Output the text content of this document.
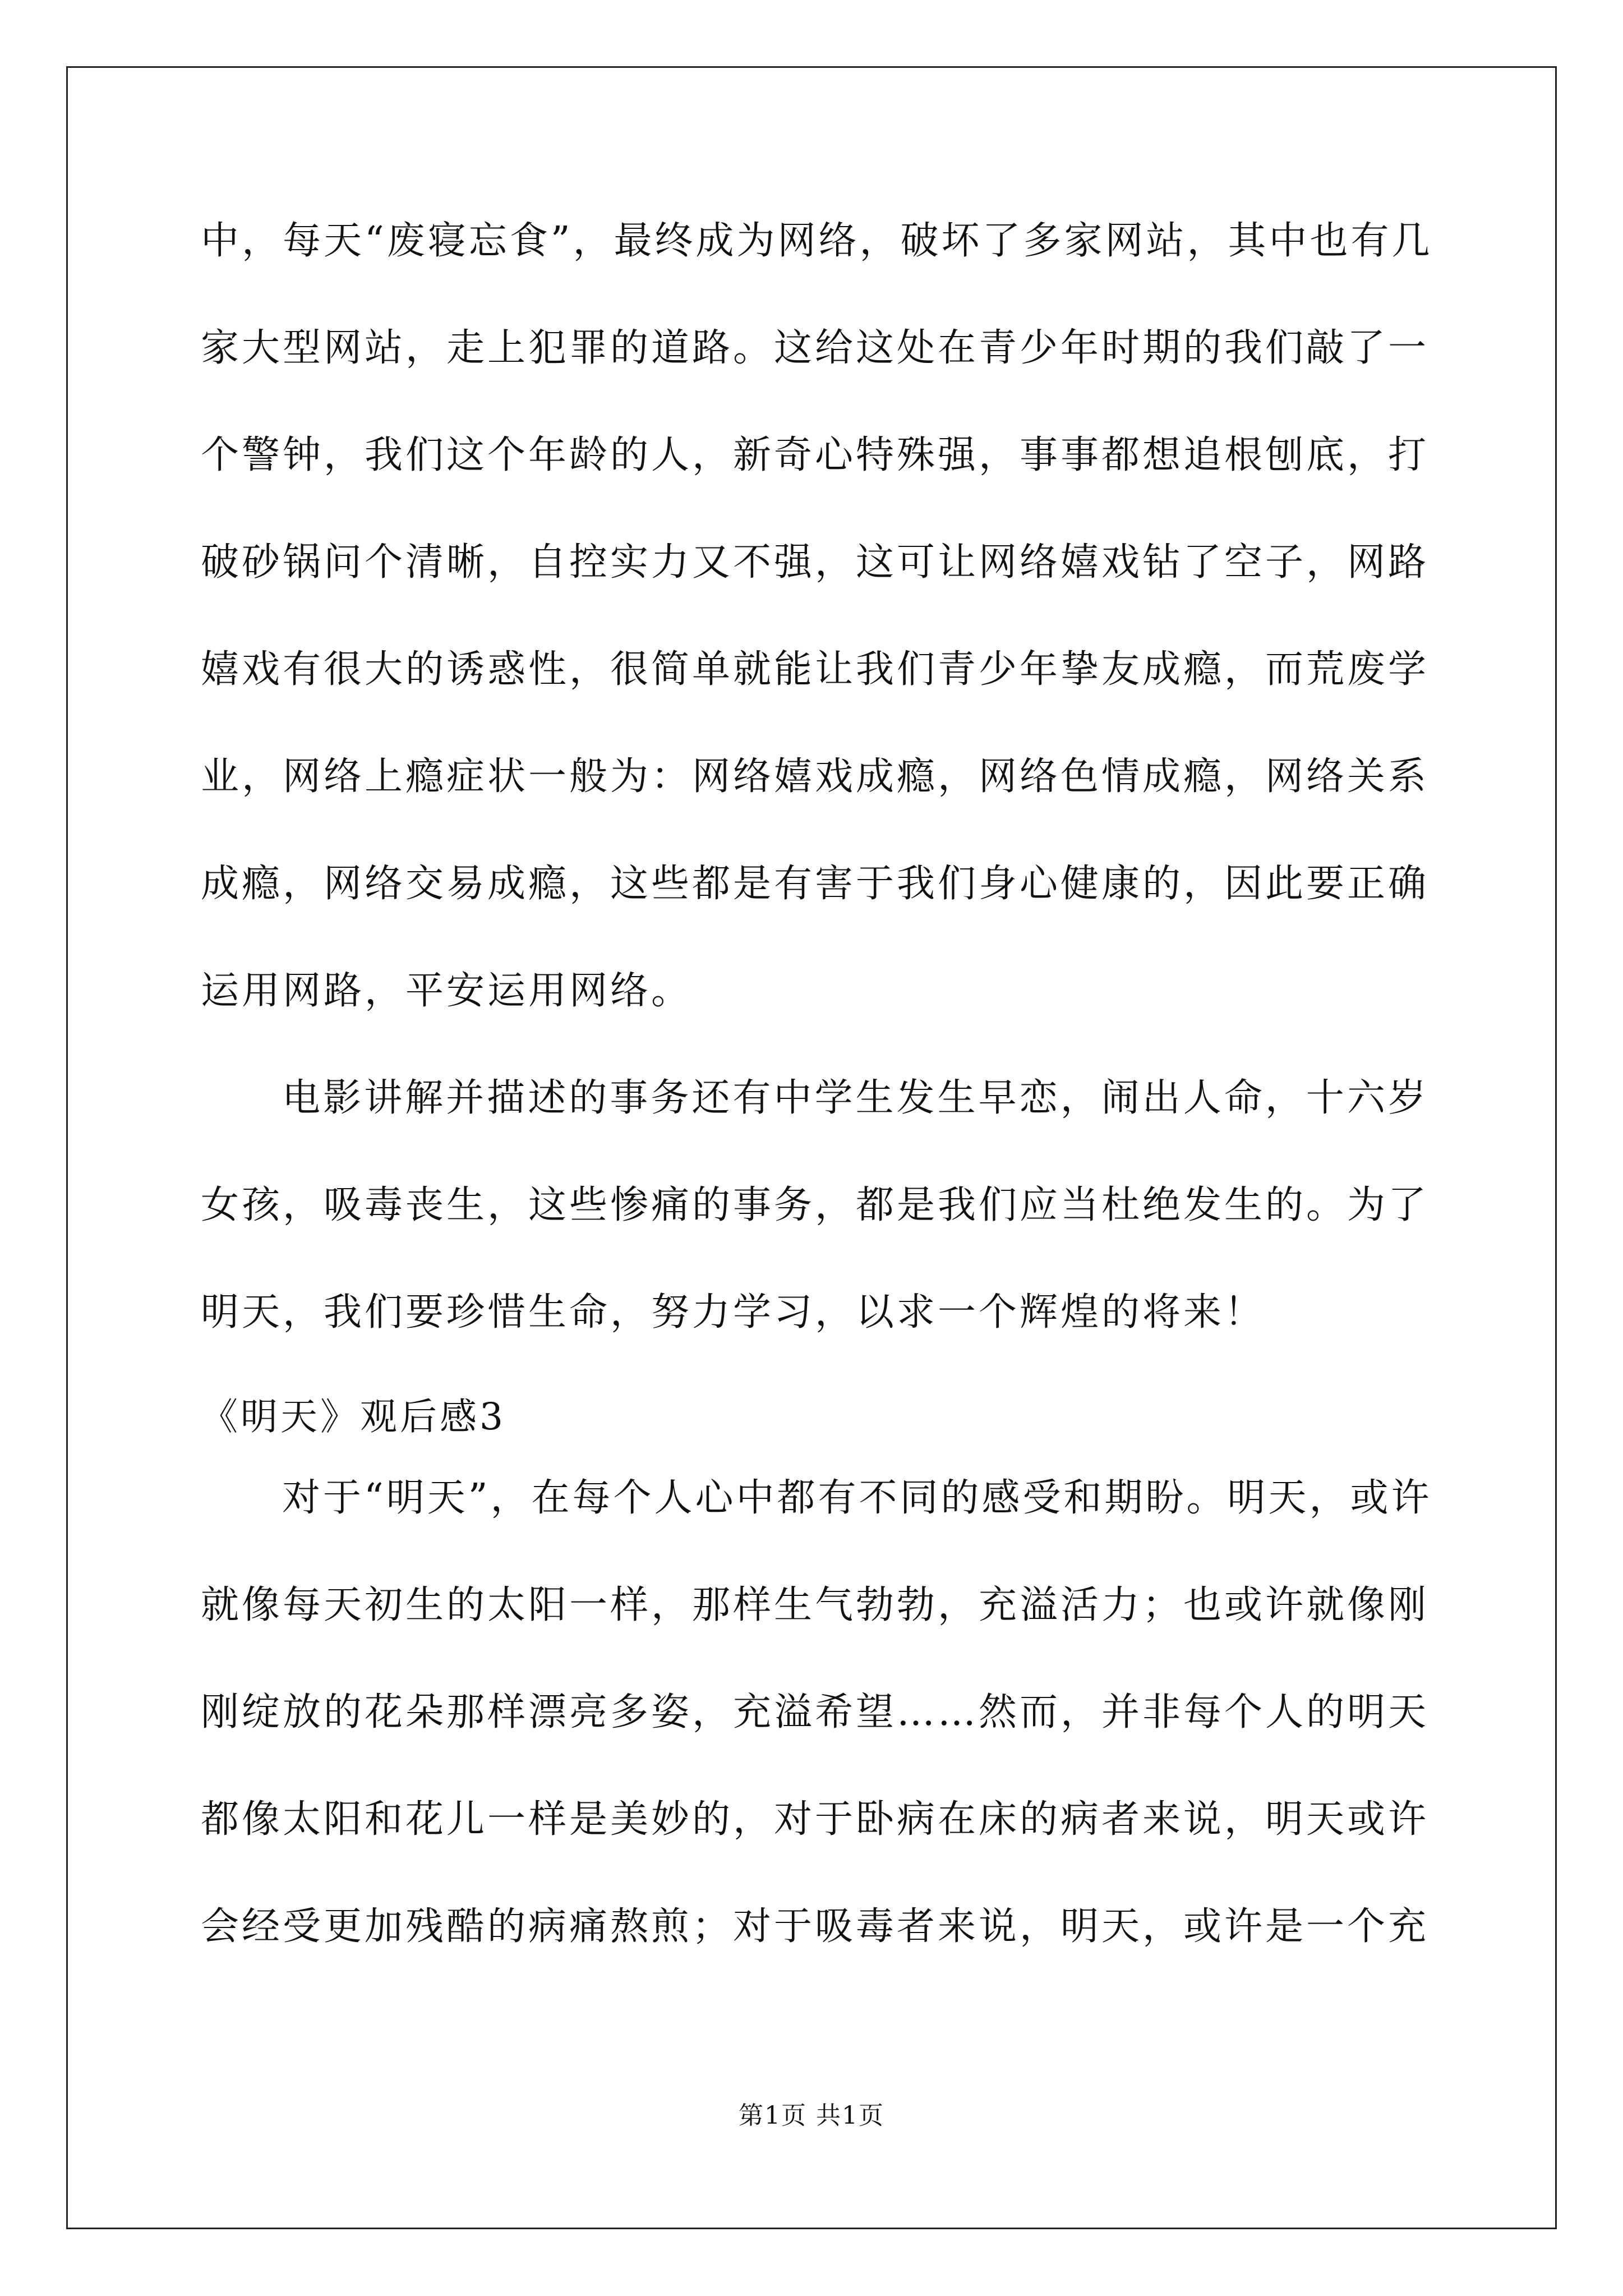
中，每天“废寝忘食”，最终成为网络，破坏了多家网站，其中也有几
家大型网站，走上犯罪的道路。这给这处在青少年时期的我们敲了一
个警钟，我们这个年龄的人，新奇心特殊强，事事都想追根刨底，打
破砂锅问个清晰，自控实力又不强，这可让网络嬉戏钻了空子，网路
嬉戏有很大的诱惑性，很简单就能让我们青少年挚友成瘾，而荒废学
业，网络上瘾症状一般为：网络嬉戏成瘾，网络色情成瘾，网络关系
成瘾，网络交易成瘾，这些都是有害于我们身心健康的，因此要正确
运用网路，平安运用网络。
电影讲解并描述的事务还有中学生发生早恋，闹出人命，十六岁
女孩，吸毒丧生，这些惨痛的事务，都是我们应当杜绝发生的。为了
明天，我们要珍惜生命，努力学习，以求一个辉煌的将来！
《明天》观后感3
对于“明天”，在每个人心中都有不同的感受和期盼。明天，或许
就像每天初生的太阳一样，那样生气勃勃，充溢活力；也或许就像刚
刚绽放的花朵那样漂亮多姿，充溢希望……然而，并非每个人的明天
都像太阳和花儿一样是美妙的，对于卧病在床的病者来说，明天或许
会经受更加残酷的病痛熬煎；对于吸毒者来说，明天，或许是一个充
第1页 共1页
